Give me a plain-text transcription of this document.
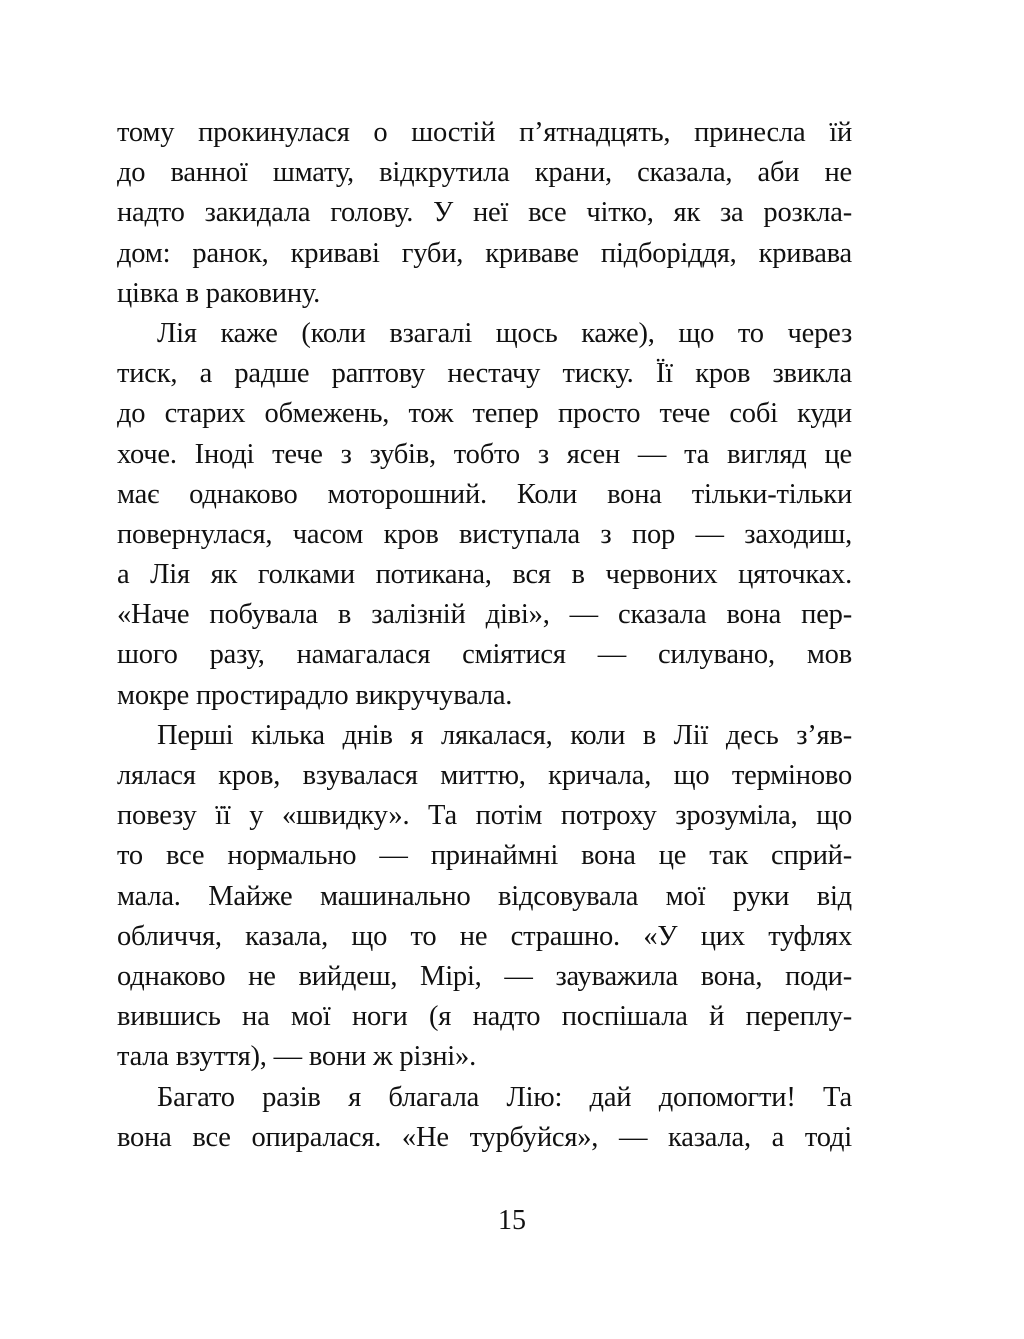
тому прокинулася о шостій п’ятнадцять, принесла їй
до ванної шмату, відкрутила крани, сказала, аби не
надто закидала голову. У неї все чітко, як за розкла-
дом: ранок, криваві губи, криваве підборіддя, кривава
цівка в раковину.
Лія каже (коли взагалі щось каже), що то через
тиск, а радше раптову нестачу тиску. Її кров звикла
до старих обмежень, тож тепер просто тече собі куди
хоче. Іноді тече з зубів, тобто з ясен — та вигляд це
має однаково моторошний. Коли вона тільки-тільки
повернулася, часом кров виступала з пор — заходиш,
а Лія як голками потикана, вся в червоних цяточках.
«Наче побувала в залізній діві», — сказала вона пер-
шого разу, намагалася сміятися — силувано, мов
мокре простирадло викручувала.
Перші кілька днів я лякалася, коли в Лії десь з’яв-
лялася кров, взувалася миттю, кричала, що терміново
повезу її у «швидку». Та потім потроху зрозуміла, що
то все нормально — принаймні вона це так сприй-
мала. Майже машинально відсовувала мої руки від
обличчя, казала, що то не страшно. «У цих туфлях
однаково не вийдеш, Мірі, — зауважила вона, поди-
вившись на мої ноги (я надто поспішала й переплу-
тала взуття), — вони ж різні».
Багато разів я благала Лію: дай допомогти! Та
вона все опиралася. «Не турбуйся», — казала, а тоді
15
